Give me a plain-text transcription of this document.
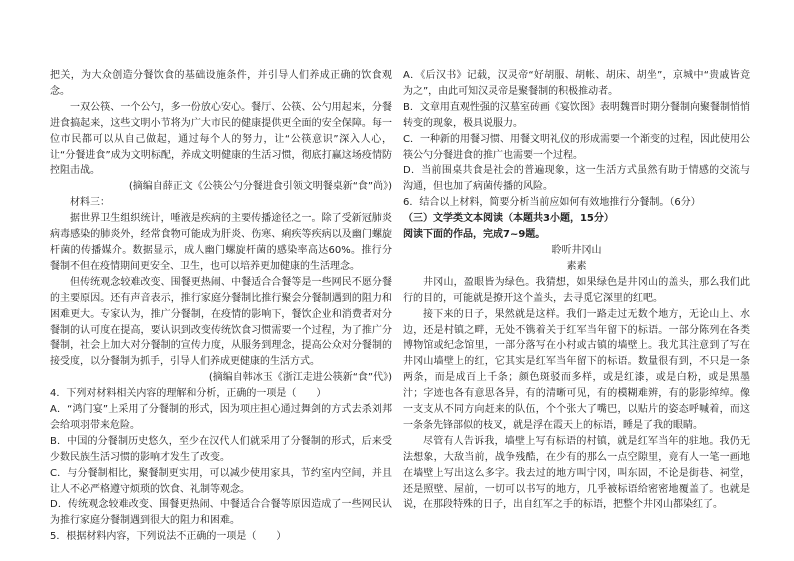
把关，为大众创造分餐饮食的基础设施条件，并引导人们养成正确的饮食观念。

一双公筷、一个公勺，多一份放心安心。餐厅、公筷、公勺用起来，分餐进食搞起来，这些文明小节将为广大市民的健康提供更全面的安全保障。每一位市民都可以从自己做起，通过每个人的努力，让“公筷意识”深入人心，让“分餐进食”成为文明标配，养成文明健康的生活习惯，彻底打赢这场疫情防控阻击战。

(摘编自薛正文《公筷公勺分餐进食引领文明餐桌新“食”尚》)

材料三：

据世界卫生组织统计，唾液是疾病的主要传播途径之一。除了受新冠肺炎病毒感染的肺炎外，经常食物可能成为肝炎、伤寒、痢疾等疾病以及幽门螺旋杆菌的传播媒介。数据显示，成人幽门螺旋杆菌的感染率高达60%。推行分餐制不但在疫情期间更安全、卫生，也可以培养更加健康的生活理念。

但传统观念较难改变、围餐更热闹、中餐适合合餐等是一些网民不愿分餐的主要原因。还有声音表示，推行家庭分餐制比推行聚会分餐制遇到的阻力和困难更大。专家认为，推广分餐制，在疫情的影响下，餐饮企业和消费者对分餐制的认可度在提高，要认识到改变传统饮食习惯需要一个过程，为了推广分餐制，社会上加大对分餐制的宣传力度，从服务到理念，提高公众对分餐制的接受度，以分餐制为抓手，引导人们养成更健康的生活方式。

(摘编自韩冰玉《浙江走进公筷新“食”代》)

4．下列对材料相关内容的理解和分析，正确的一项是（　　）

A．“鸿门宴”上采用了分餐制的形式，因为项庄担心通过舞剑的方式去杀刘邦会给项羽带来危险。

B．中国的分餐制历史悠久，至少在汉代人们就采用了分餐制的形式，后来受少数民族生活习惯的影响才发生了改变。

C．与分餐制相比，聚餐制更实用，可以减少使用家具，节约室内空间，并且让人不必严格遵守烦琐的饮食、礼制等观念。

D．传统观念较难改变、围餐更热闹、中餐适合合餐等原因造成了一些网民认为推行家庭分餐制遇到很大的阻力和困难。

5．根据材料内容，下列说法不正确的一项是（　　）

A．《后汉书》记载，汉灵帝“好胡服、胡帐、胡床、胡坐”，京城中“贵戚皆竞为之”，由此可知汉灵帝是聚餐制的积极推动者。

B．文章用直观性强的汉墓室砖画《宴饮图》表明魏晋时期分餐制向聚餐制悄悄转变的现象，极具说服力。

C．一种新的用餐习惯、用餐文明礼仪的形成需要一个渐变的过程，因此使用公筷公勺分餐进食的推广也需要一个过程。

D．当前围桌共食是社会的普遍现象，这一生活方式虽然有助于情感的交流与沟通，但也加了病菌传播的风险。

6．结合以上材料，简要分析当前应如何有效地推行分餐制。（6分）

（三）文学类文本阅读（本题共3小题，15分）

阅读下面的作品，完成7~9题。

聆听井冈山

素素

井冈山，盈眼皆为绿色。我猜想，如果绿色是井冈山的盖头，那么我们此行的目的，可能就是撩开这个盖头，去寻觅它深里的红吧。

接下来的日子，果然就是这样。我们一路走过无数个地方，无论山上、水边，还是村镇之畔，无处不镌着关于红军当年留下的标语。一部分陈列在各类博物馆或纪念馆里，一部分落写在小村或古镇的墙壁上。我尤其注意到了写在井冈山墙壁上的红，它其实是红军当年留下的标语。数量很有到，不只是一条两条，而是成百上千条；颜色斑驳而多样，或是红漆，或是白粉，或是黑墨汁；字迹也各有意思各异，有的清晰可见，有的模糊难辨，有的影影绰绰。像一支支从不同方向赶来的队伍，个个张大了嘴巴，以贴片的姿态呼喊着，而这一条条先锋部似的枝叉，就是浮在霞天上的标语，睡是了我的眼睛。

尽管有人告诉我，墙壁上写有标语的村镇，就是红军当年的驻地。我仍无法想象，大敌当前，战争残酷，在少有的那么一点空隙里，竟有人一笔一画地在墙壁上写出这么多字。我去过的地方叫宁冈，叫东固，不论是街巷、祠堂，还是照壁、屋前，一切可以书写的地方，几乎被标语给密密地覆盖了。也就是说，在那段特殊的日子，出自红军之手的标语，把整个井冈山都染红了。
